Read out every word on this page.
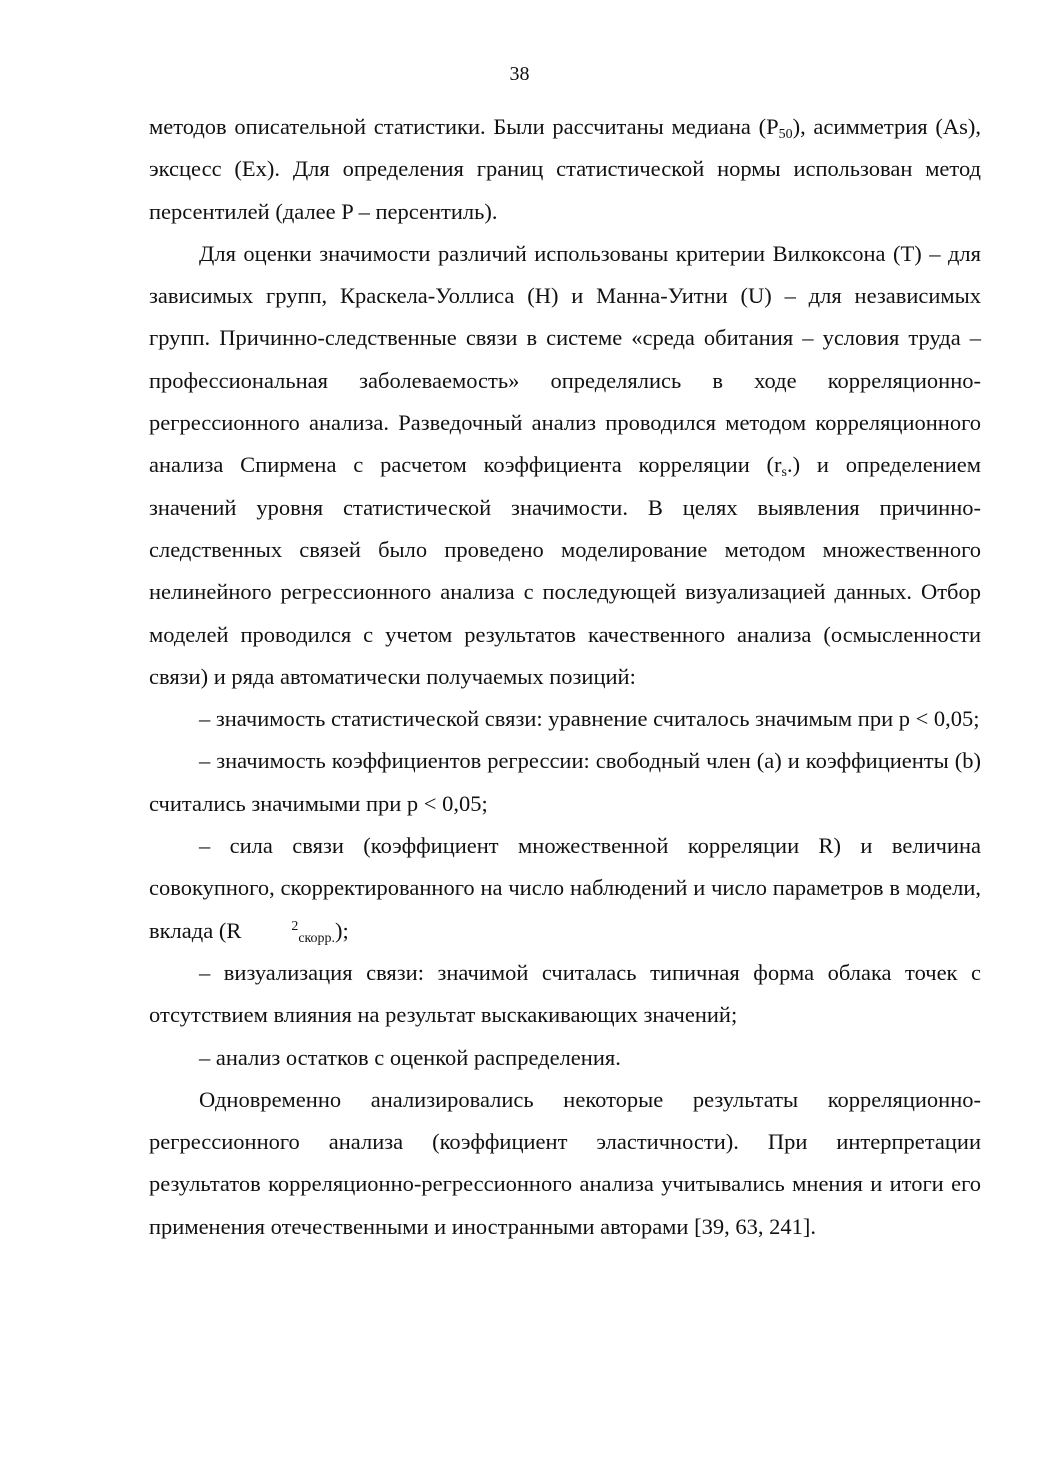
38

методов описательной статистики. Были рассчитаны медиана $(P_{50})$, асимметрия (As), эксцесс (Ex). Для определения границ статистической нормы использован метод персентилей (далее P – персентиль).

Для оценки значимости различий использованы критерии Вилкоксона (T) – для зависимых групп, Краскела-Уоллиса (H) и Манна-Уитни (U) – для независимых групп. Причинно-следственные связи в системе «среда обитания – условия труда – профессиональная заболеваемость» определялись в ходе корреляционно-регрессионного анализа. Разведочный анализ проводился методом корреляционного анализа Спирмена с расчетом коэффициента корреляции $(r_s.)$ и определением значений уровня статистической значимости. В целях выявления причинно-следственных связей было проведено моделирование методом множественного нелинейного регрессионного анализа с последующей визуализацией данных. Отбор моделей проводился с учетом результатов качественного анализа (осмысленности связи) и ряда автоматически получаемых позиций:

– значимость статистической связи: уравнение считалось значимым при p < 0,05;

– значимость коэффициентов регрессии: свободный член (а) и коэффициенты (b) считались значимыми при p < 0,05;

– сила связи (коэффициент множественной корреляции R) и величина совокупного, скорректированного на число наблюдений и число параметров в модели, вклада (R	$^2_{скорр.}$);

– визуализация связи: значимой считалась типичная форма облака точек с отсутствием влияния на результат выскакивающих значений;

– анализ остатков с оценкой распределения.

Одновременно анализировались некоторые результаты корреляционно-регрессионного анализа (коэффициент эластичности). При интерпретации результатов корреляционно-регрессионного анализа учитывались мнения и итоги его применения отечественными и иностранными авторами [39, 63, 241].
